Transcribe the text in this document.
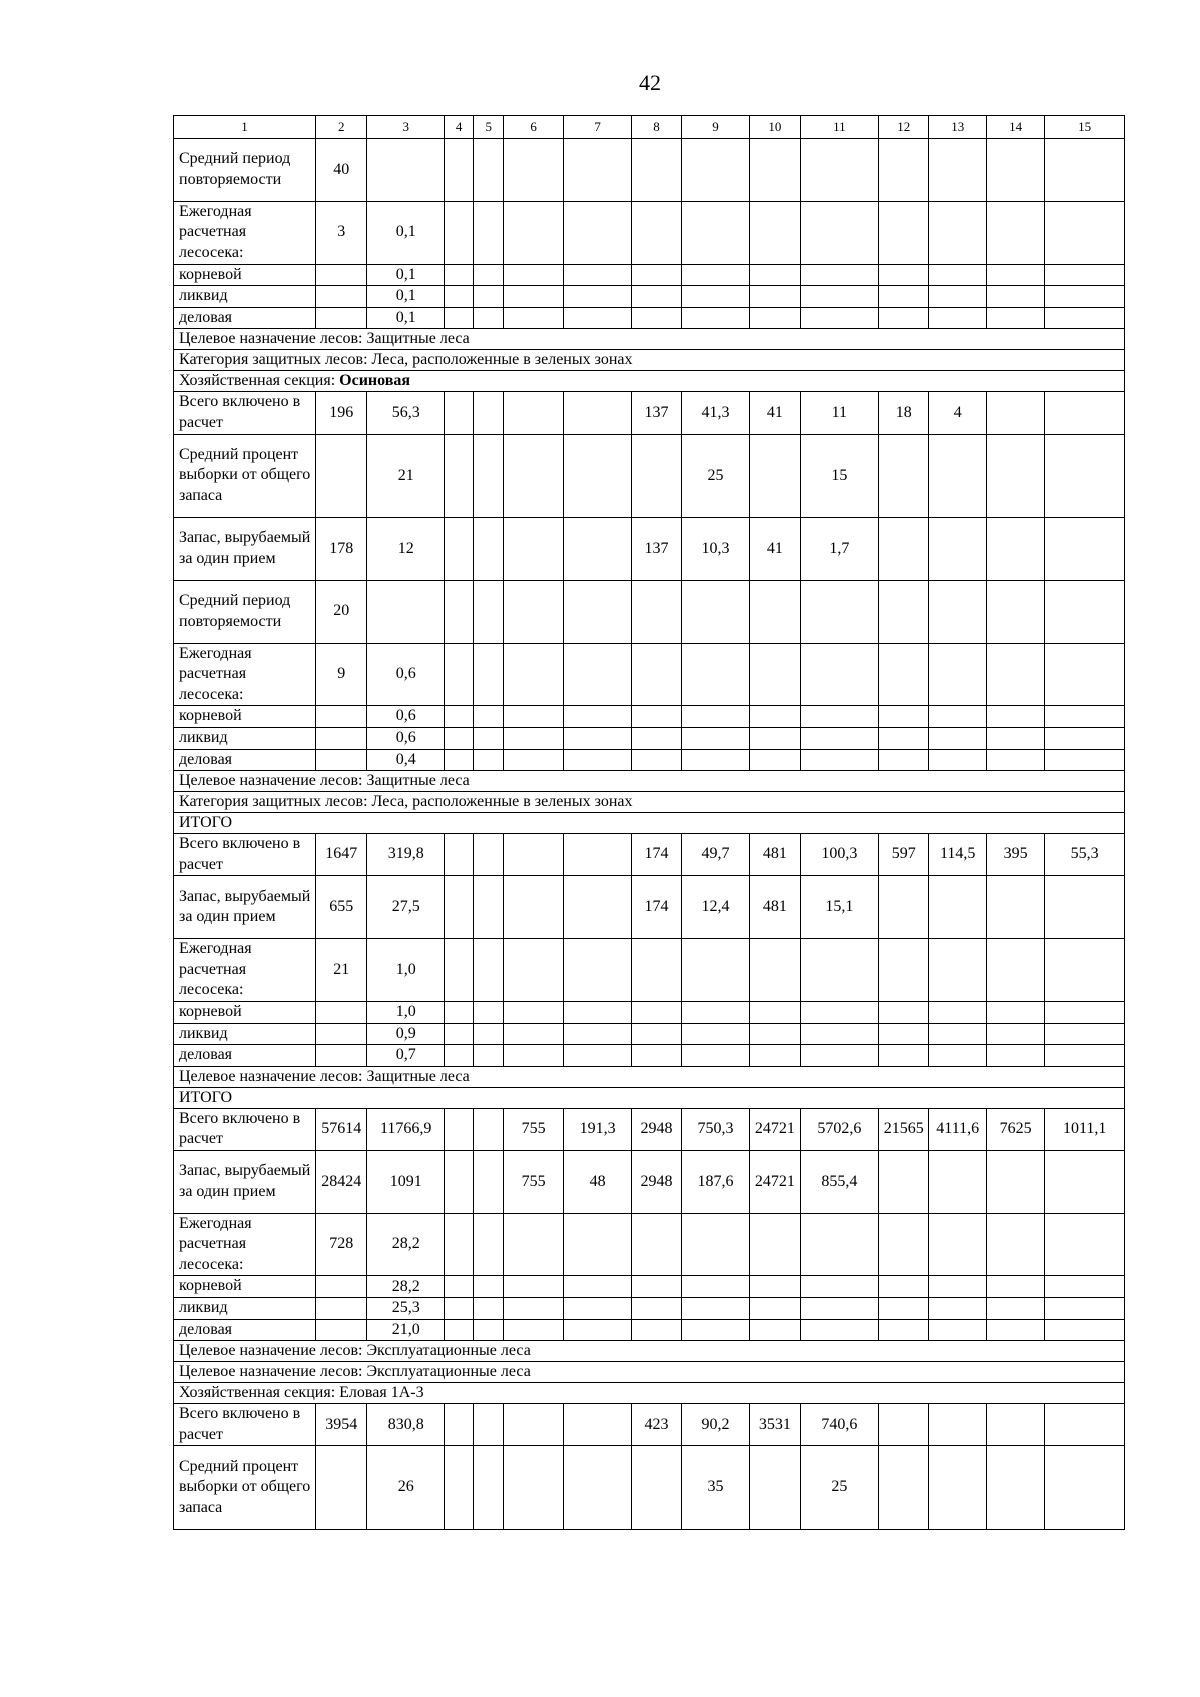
42
1	2	3	4	5	6	7	8	9	10	11	12	13	14	15
Средний период повторяемости	40													
Ежегодная расчетная лесосека:	3	0,1												
корневой		0,1												
ликвид		0,1												
деловая		0,1												
Целевое назначение лесов: Защитные леса														
Категория защитных лесов: Леса, расположенные в зеленых зонах														
Хозяйственная секция: Осиновая														
Всего включено в расчет	196	56,3					137	41,3	41	11	18	4		
Средний процент выборки от общего запаса		21						25		15				
Запас, вырубаемый за один прием	178	12					137	10,3	41	1,7				
Средний период повторяемости	20													
Ежегодная расчетная лесосека:	9	0,6												
корневой		0,6												
ликвид		0,6												
деловая		0,4												
Целевое назначение лесов: Защитные леса														
Категория защитных лесов: Леса, расположенные в зеленых зонах														
ИТОГО														
Всего включено в расчет	1647	319,8					174	49,7	481	100,3	597	114,5	395	55,3
Запас, вырубаемый за один прием	655	27,5					174	12,4	481	15,1				
Ежегодная расчетная лесосека:	21	1,0												
корневой		1,0												
ликвид		0,9												
деловая		0,7												
Целевое назначение лесов: Защитные леса														
ИТОГО														
Всего включено в расчет	57614	11766,9			755	191,3	2948	750,3	24721	5702,6	21565	4111,6	7625	1011,1
Запас, вырубаемый за один прием	28424	1091			755	48	2948	187,6	24721	855,4				
Ежегодная расчетная лесосека:	728	28,2												
корневой		28,2												
ликвид		25,3												
деловая		21,0												
Целевое назначение лесов: Эксплуатационные леса														
Целевое назначение лесов: Эксплуатационные леса														
Хозяйственная секция: Еловая 1А-3														
Всего включено в расчет	3954	830,8					423	90,2	3531	740,6				
Средний процент выборки от общего запаса		26						35		25				
